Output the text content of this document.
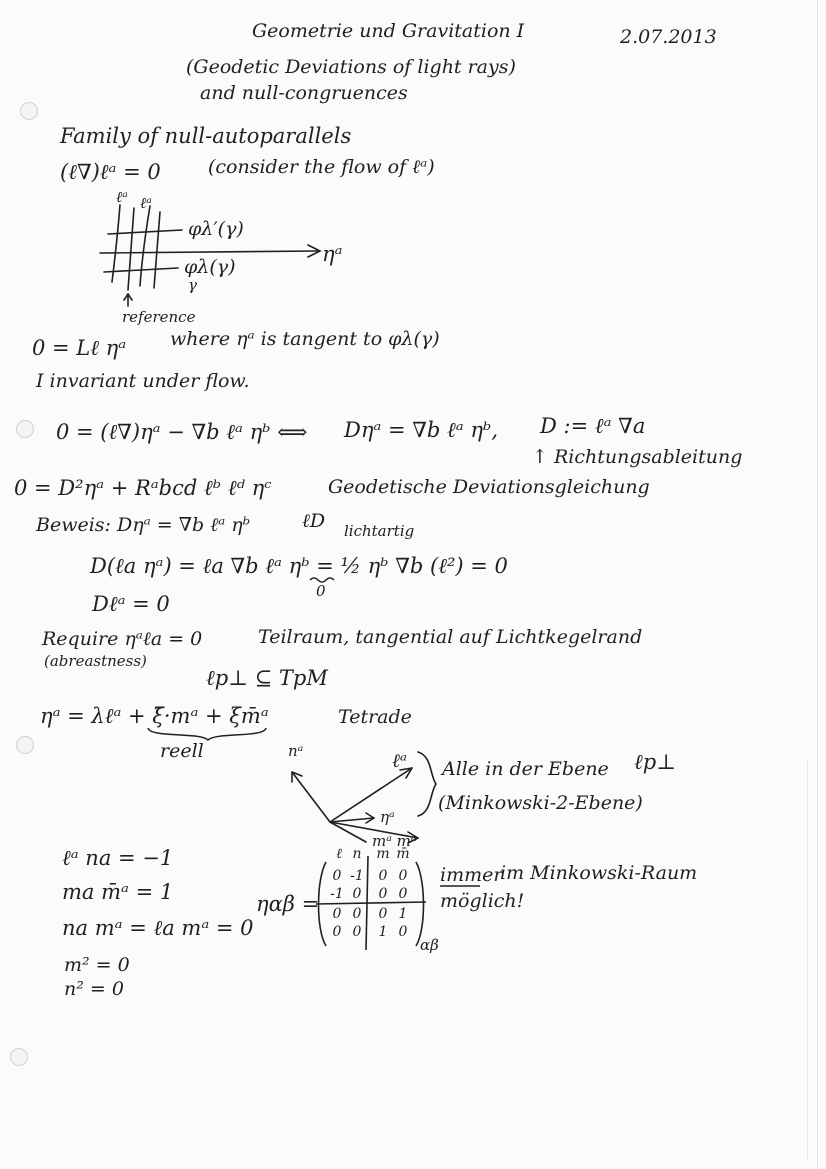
Geometrie und Gravitation I	2.07.2013
(Geodetic Deviations of light rays)
and null-congruences
Family of null-autoparallels
(ℓ∇)ℓᵃ = 0 (consider the flow of ℓᵃ)
ℓᵃ ℓᵃ
φλ′(γ)
φλ(γ)
ηᵃ
γ
reference
0 = Lℓ ηᵃ where ηᵃ is tangent to φλ(γ)
I invariant under flow.
0 = (ℓ∇)ηᵃ − ∇b ℓᵃ ηᵇ ⟺ Dηᵃ = ∇b ℓᵃ ηᵇ, D := ℓᵃ ∇a
↑ Richtungsableitung
0 = D²ηᵃ + Rᵃbcd ℓᵇ ℓᵈ ηᶜ	Geodetische Deviationsgleichung
Beweis: Dηᵃ = ∇b ℓᵃ ηᵇ	ℓD lichtartig
D(ℓa ηᵃ) = ℓa ∇b ℓᵃ ηᵇ = ½ ηᵇ ∇b (ℓ²) = 0
0
Dℓᵃ = 0
Require ηᵃℓa = 0
(abreastness)
Teilraum, tangential auf Lichtkegelrand
ℓp⊥ ⊆ TpM
ηᵃ = λℓᵃ + ξ̄·mᵃ + ξm̄ᵃ
reell
Tetrade
nᵃ	ℓᵃ
ηᵃ
mᵃ m̄ᵃ
Alle in der Ebene ℓp⊥
(Minkowski-2-Ebene)
ℓᵃ na = −1
ma m̄ᵃ = 1
na mᵃ = ℓa mᵃ = 0
m² = 0
n² = 0
ηαβ =
ℓ n m m̄
0 -1 0 0
-1 0 0 0
0 0 0 1
0 0 1 0
αβ
immer
im Minkowski-Raum
möglich!
